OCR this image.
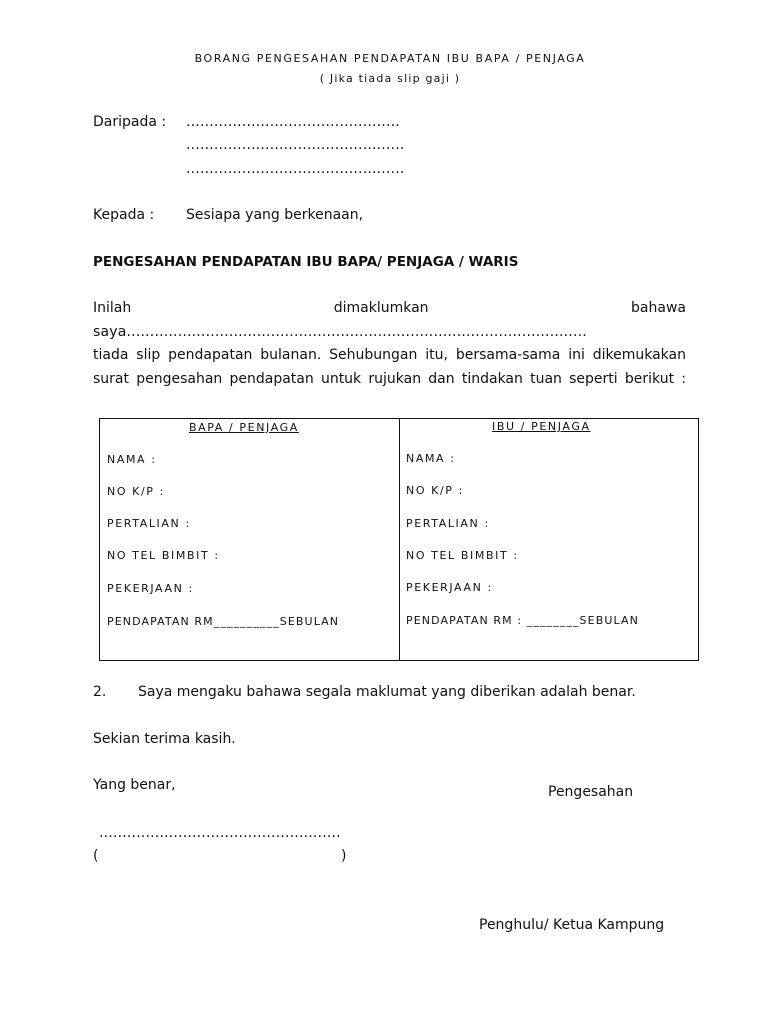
BORANG PENGESAHAN PENDAPATAN IBU BAPA / PENJAGA
( Jika tiada slip gaji )
Daripada : ..............................................
...............................................
...............................................
Kepada : Sesiapa yang berkenaan,
PENGESAHAN PENDAPATAN IBU BAPA/ PENJAGA / WARIS
Inilah dimaklumkan bahawa
saya...................................................................................................
tiada slip pendapatan bulanan. Sehubungan itu, bersama-sama ini dikemukakan
surat pengesahan pendapatan untuk rujukan dan tindakan tuan seperti berikut :
BAPA / PENJAGA
NAMA :
NO K/P :
PERTALIAN :
NO TEL BIMBIT :
PEKERJAAN :
PENDAPATAN RM__________SEBULAN
IBU / PENJAGA
NAMA :
NO K/P :
PERTALIAN :
NO TEL BIMBIT :
PEKERJAAN :
PENDAPATAN RM : ________SEBULAN
2. Saya mengaku bahawa segala maklumat yang diberikan adalah benar.
Sekian terima kasih.
Yang benar,	Pengesahan
....................................................
(	)
Penghulu/ Ketua Kampung
